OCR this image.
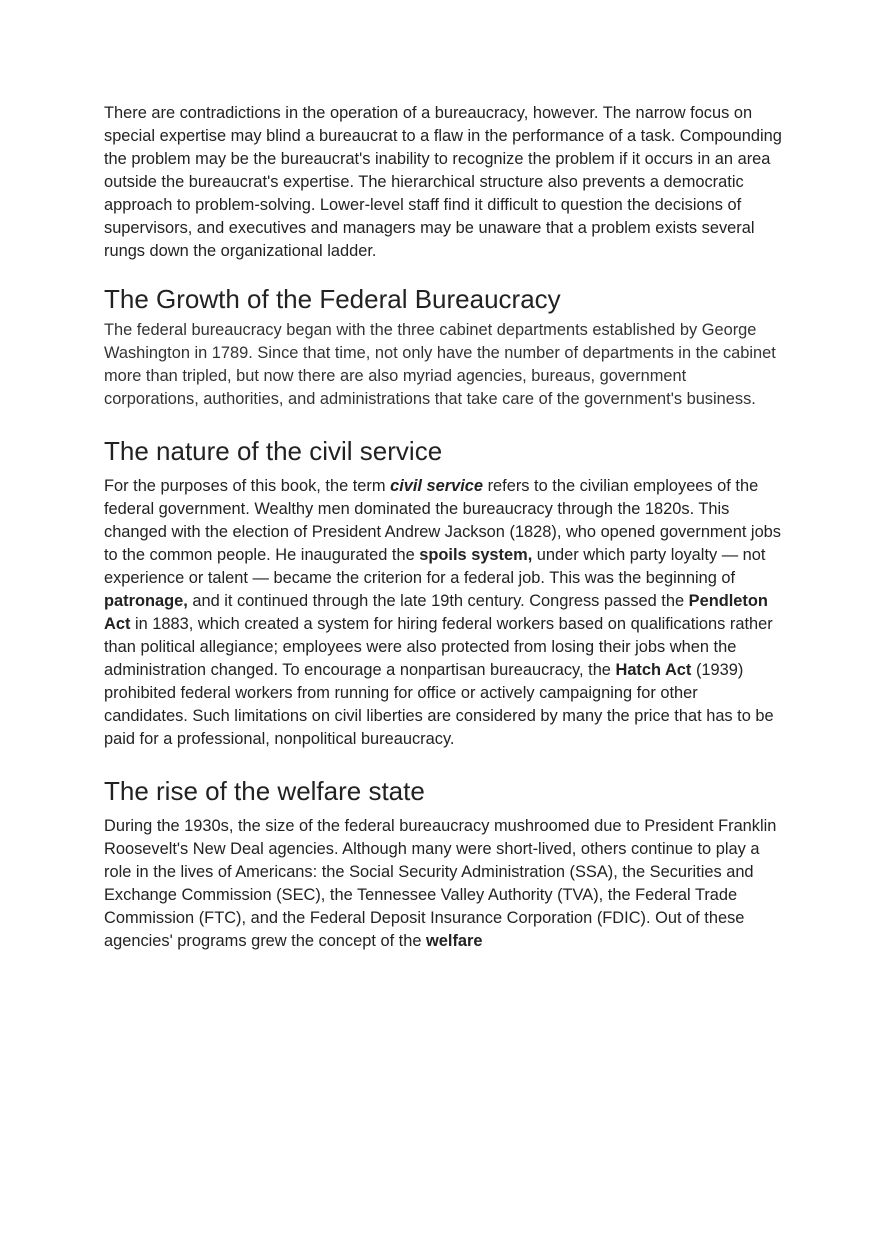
There are contradictions in the operation of a bureaucracy, however. The narrow focus on special expertise may blind a bureaucrat to a flaw in the performance of a task. Compounding the problem may be the bureaucrat's inability to recognize the problem if it occurs in an area outside the bureaucrat's expertise. The hierarchical structure also prevents a democratic approach to problem-solving. Lower-level staff find it difficult to question the decisions of supervisors, and executives and managers may be unaware that a problem exists several rungs down the organizational ladder.

The Growth of the Federal Bureaucracy

The federal bureaucracy began with the three cabinet departments established by George Washington in 1789. Since that time, not only have the number of departments in the cabinet more than tripled, but now there are also myriad agencies, bureaus, government corporations, authorities, and administrations that take care of the government's business.

The nature of the civil service

For the purposes of this book, the term civil service refers to the civilian employees of the federal government. Wealthy men dominated the bureaucracy through the 1820s. This changed with the election of President Andrew Jackson (1828), who opened government jobs to the common people. He inaugurated the spoils system, under which party loyalty — not experience or talent — became the criterion for a federal job. This was the beginning of patronage, and it continued through the late 19th century. Congress passed the Pendleton Act in 1883, which created a system for hiring federal workers based on qualifications rather than political allegiance; employees were also protected from losing their jobs when the administration changed. To encourage a nonpartisan bureaucracy, the Hatch Act (1939) prohibited federal workers from running for office or actively campaigning for other candidates. Such limitations on civil liberties are considered by many the price that has to be paid for a professional, nonpolitical bureaucracy.

The rise of the welfare state

During the 1930s, the size of the federal bureaucracy mushroomed due to President Franklin Roosevelt's New Deal agencies. Although many were short-lived, others continue to play a role in the lives of Americans: the Social Security Administration (SSA), the Securities and Exchange Commission (SEC), the Tennessee Valley Authority (TVA), the Federal Trade Commission (FTC), and the Federal Deposit Insurance Corporation (FDIC). Out of these agencies' programs grew the concept of the welfare
